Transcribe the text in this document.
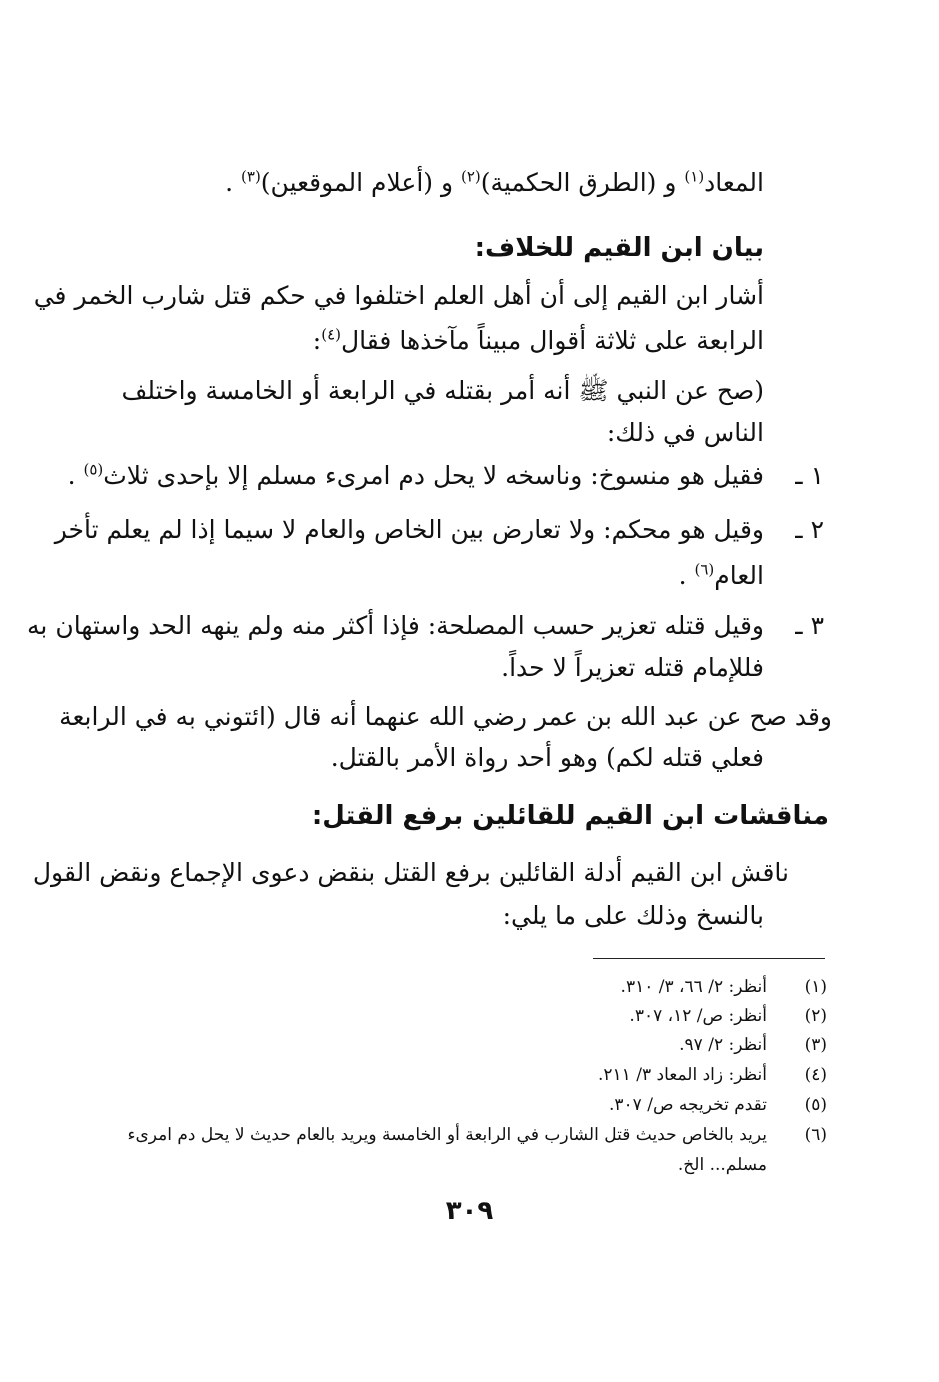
المعاد$^{(١)}$ و (الطرق الحكمية)$^{(٢)}$ و (أعلام الموقعين)$^{(٣)}$ .
بيان ابن القيم للخلاف:
أشار ابن القيم إلى أن أهل العلم اختلفوا في حكم قتل شارب الخمر في
الرابعة على ثلاثة أقوال مبيناً مآخذها فقال$^{(٤)}$:
(صح عن النبي ﷺ أنه أمر بقتله في الرابعة أو الخامسة واختلف
الناس في ذلك:
١ ـ
فقيل هو منسوخ: وناسخه لا يحل دم امرىء مسلم إلا بإحدى ثلاث$^{(٥)}$ .
٢ ـ
وقيل هو محكم: ولا تعارض بين الخاص والعام لا سيما إذا لم يعلم تأخر
العام$^{(٦)}$ .
٣ ـ
وقيل قتله تعزير حسب المصلحة: فإذا أكثر منه ولم ينهه الحد واستهان به
فللإمام قتله تعزيراً لا حداً.
وقد صح عن عبد الله بن عمر رضي الله عنهما أنه قال (ائتوني به في الرابعة
فعلي قتله لكم) وهو أحد رواة الأمر بالقتل.
مناقشات ابن القيم للقائلين برفع القتل:
ناقش ابن القيم أدلة القائلين برفع القتل بنقض دعوى الإجماع ونقض القول
بالنسخ وذلك على ما يلي:
(١)
أنظر: ٢/ ٦٦، ٣/ ٣١٠.
(٢)
أنظر: ص/ ١٢، ٣٠٧.
(٣)
أنظر: ٢/ ٩٧.
(٤)
أنظر: زاد المعاد ٣/ ٢١١.
(٥)
تقدم تخريجه ص/ ٣٠٧.
(٦)
يريد بالخاص حديث قتل الشارب في الرابعة أو الخامسة ويريد بالعام حديث لا يحل دم امرىء
مسلم... الخ.
٣٠٩
